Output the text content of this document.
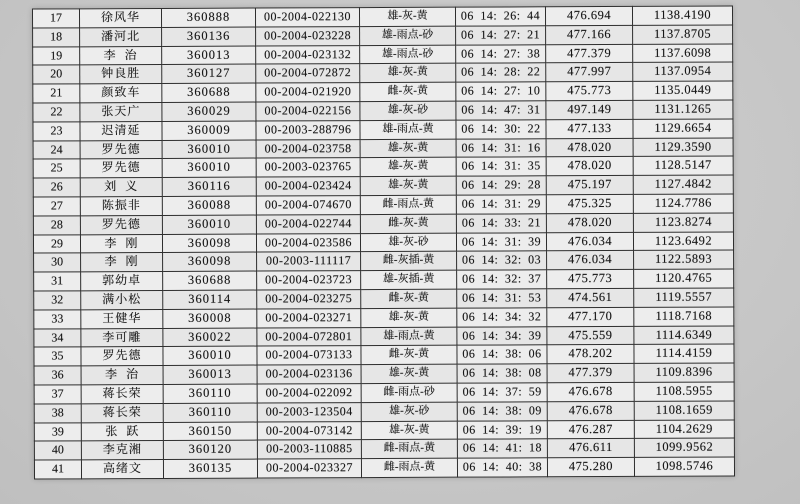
17	徐风华	360888	00-2004-022130	雄-灰-黄	06 14: 26: 44	476.694	1138.4190
18	潘河北	360136	00-2004-023228	雄-雨点-砂	06 14: 27: 21	477.166	1137.8705
19	李  治	360013	00-2004-023132	雄-雨点-砂	06 14: 27: 38	477.379	1137.6098
20	钟良胜	360127	00-2004-072872	雄-灰-黄	06 14: 28: 22	477.997	1137.0954
21	颜致车	360688	00-2004-021920	雌-灰-黄	06 14: 27: 10	475.773	1135.0449
22	张天广	360029	00-2004-022156	雄-灰-砂	06 14: 47: 31	497.149	1131.1265
23	迟清延	360009	00-2003-288796	雄-雨点-黄	06 14: 30: 22	477.133	1129.6654
24	罗先德	360010	00-2004-023758	雄-灰-黄	06 14: 31: 16	478.020	1129.3590
25	罗先德	360010	00-2003-023765	雄-灰-黄	06 14: 31: 35	478.020	1128.5147
26	刘  义	360116	00-2004-023424	雄-灰-黄	06 14: 29: 28	475.197	1127.4842
27	陈振非	360088	00-2004-074670	雌-雨点-黄	06 14: 31: 29	475.325	1124.7786
28	罗先德	360010	00-2004-022744	雌-灰-黄	06 14: 33: 21	478.020	1123.8274
29	李  刚	360098	00-2004-023586	雄-灰-砂	06 14: 31: 39	476.034	1123.6492
30	李  刚	360098	00-2003-111117	雌-灰插-黄	06 14: 32: 03	476.034	1122.5893
31	郭幼卓	360688	00-2004-023723	雄-灰插-黄	06 14: 32: 37	475.773	1120.4765
32	满小松	360114	00-2004-023275	雌-灰-黄	06 14: 31: 53	474.561	1119.5557
33	王健华	360008	00-2004-023271	雄-灰-黄	06 14: 34: 32	477.170	1118.7168
34	李可雕	360022	00-2004-072801	雄-雨点-黄	06 14: 34: 39	475.559	1114.6349
35	罗先德	360010	00-2004-073133	雌-灰-黄	06 14: 38: 06	478.202	1114.4159
36	李  治	360013	00-2004-023136	雄-灰-黄	06 14: 38: 08	477.379	1109.8396
37	蒋长荣	360110	00-2004-022092	雌-雨点-砂	06 14: 37: 59	476.678	1108.5955
38	蒋长荣	360110	00-2003-123504	雄-灰-砂	06 14: 38: 09	476.678	1108.1659
39	张  跃	360150	00-2004-073142	雄-灰-黄	06 14: 39: 19	476.287	1104.2629
40	李克湘	360120	00-2003-110885	雌-雨点-黄	06 14: 41: 18	476.611	1099.9562
41	高绪文	360135	00-2004-023327	雌-雨点-黄	06 14: 40: 38	475.280	1098.5746
